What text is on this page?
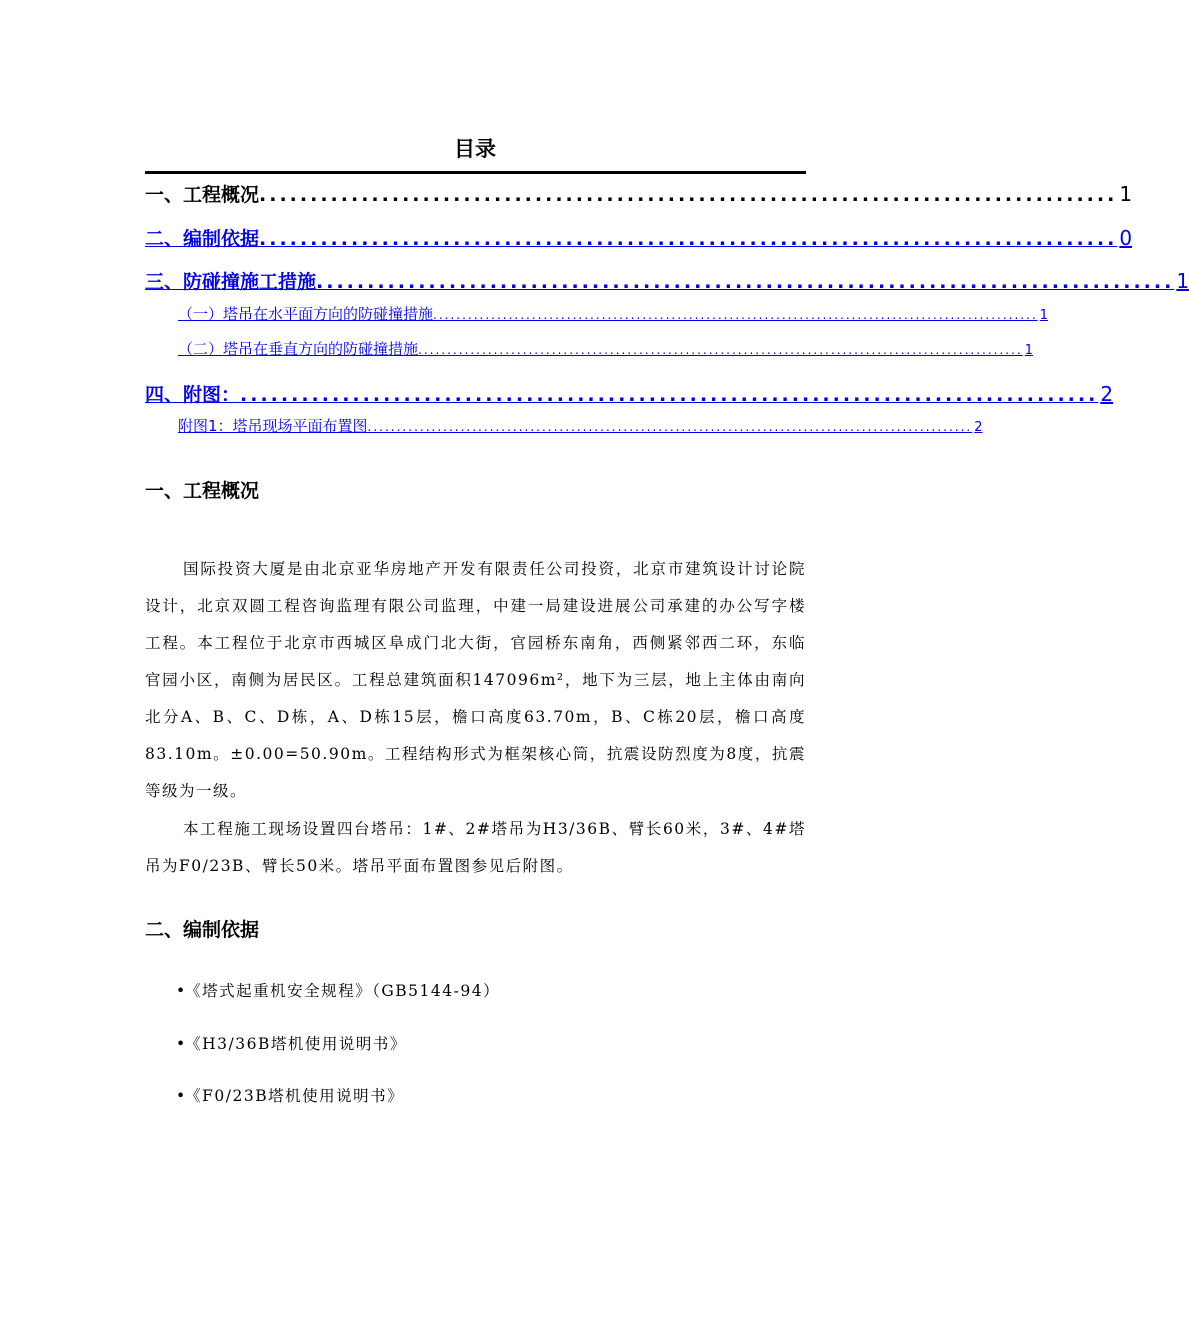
目录
一、工程概况 .................................................................................... 1
二、编制依据 .................................................................................... 0
三、防碰撞施工措施 .................................................................................... 1
（一）塔吊在水平面方向的防碰撞措施 ........................................................................................................ 1
（二）塔吊在垂直方向的防碰撞措施 ........................................................................................................ 1
四、附图： .................................................................................... 2
附图1：塔吊现场平面布置图 ........................................................................................................ 2
一、工程概况

国际投资大厦是由北京亚华房地产开发有限责任公司投资，北京市建筑设计讨论院设计，北京双圆工程咨询监理有限公司监理，中建一局建设进展公司承建的办公写字楼工程。本工程位于北京市西城区阜成门北大街，官园桥东南角，西侧紧邻西二环，东临官园小区，南侧为居民区。工程总建筑面积147096m²，地下为三层，地上主体由南向北分A、B、C、D栋，A、D栋15层，檐口高度63.70m，B、C栋20层，檐口高度83.10m。±0.00=50.90m。工程结构形式为框架核心筒，抗震设防烈度为8度，抗震等级为一级。

本工程施工现场设置四台塔吊：1#、2#塔吊为H3/36B、臂长60米，3#、4#塔吊为F0/23B、臂长50米。塔吊平面布置图参见后附图。

二、编制依据
•《塔式起重机安全规程》（GB5144-94）
•《H3/36B塔机使用说明书》
•《F0/23B塔机使用说明书》
